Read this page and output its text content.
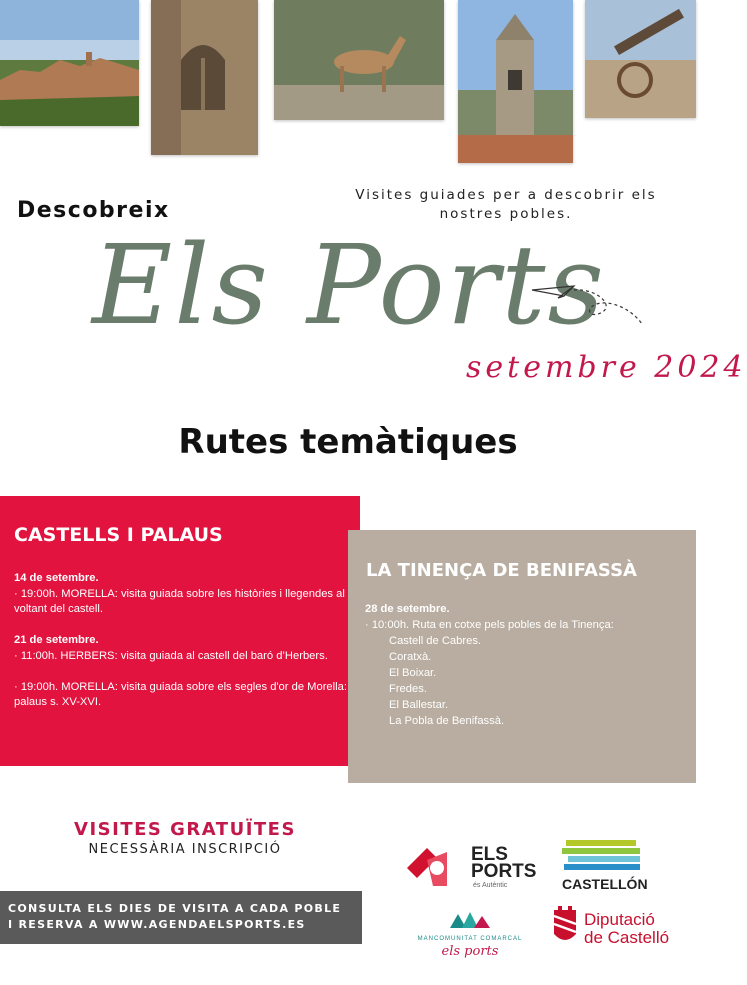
Descobreix
Visites guiades per a descobrir els
nostres pobles.
Els Ports
setembre 2024
Rutes temàtiques
CASTELLS I PALAUS
14 de setembre.
· 19:00h. MORELLA: visita guiada sobre les històries i llegendes al voltant del castell.
21 de setembre.
· 11:00h. HERBERS: visita guiada al castell del baró d’Herbers.
· 19:00h. MORELLA: visita guiada sobre els segles d'or de Morella: palaus s. XV-XVI.
LA TINENÇA DE BENIFASSÀ
28 de setembre.
· 10:00h. Ruta en cotxe pels pobles de la Tinença:
Castell de Cabres.
Coratxà.
El Boixar.
Fredes.
El Ballestar.
La Pobla de Benifassà.
VISITES GRATUÏTES
NECESSÀRIA INSCRIPCIÓ
CONSULTA ELS DIES DE VISITA A CADA POBLE
I RESERVA A WWW.AGENDAELSPORTS.ES
ELS
PORTS
és Autèntic	CASTELLÓN
MANCOMUNITAT COMARCAL
els ports
Diputació
de Castelló
